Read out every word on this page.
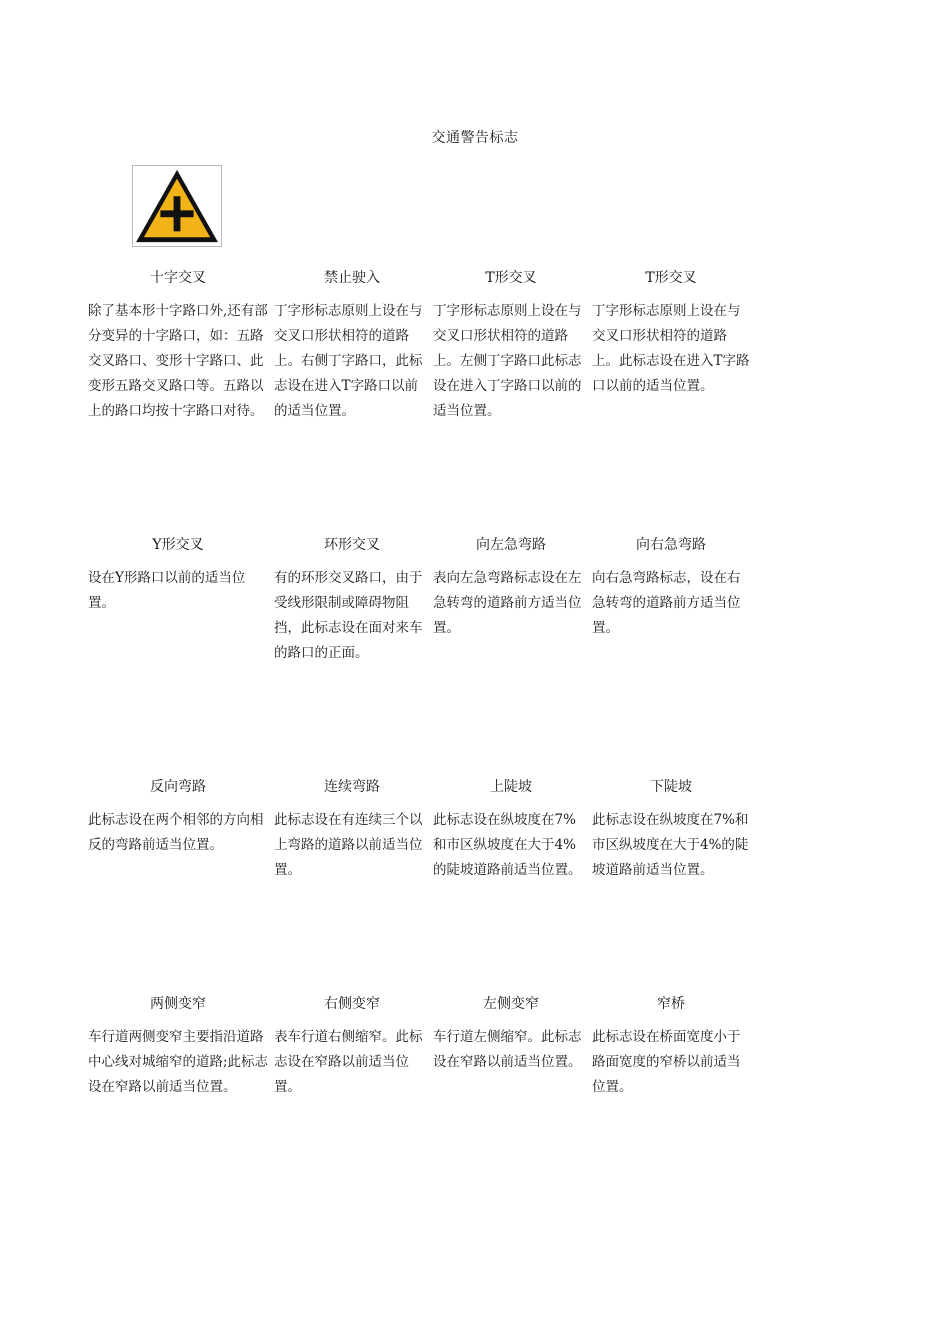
交通警告标志
十字交叉
除了基本形十字路口外,还有部分变异的十字路口，如：五路交叉路口、变形十字路口、此变形五路交叉路口等。五路以上的路口均按十字路口对待。
禁止驶入
丁字形标志原则上设在与交叉口形状相符的道路上。右侧丁字路口，此标志设在进入T字路口以前的适当位置。
T形交叉
丁字形标志原则上设在与交叉口形状相符的道路上。左侧丁字路口此标志设在进入丁字路口以前的适当位置。
T形交叉
丁字形标志原则上设在与交叉口形状相符的道路上。此标志设在进入T字路口以前的适当位置。
Y形交叉
设在Y形路口以前的适当位置。
环形交叉
有的环形交叉路口，由于受线形限制或障碍物阻挡，此标志设在面对来车的路口的正面。
向左急弯路
表向左急弯路标志设在左急转弯的道路前方适当位置。
向右急弯路
向右急弯路标志，设在右急转弯的道路前方适当位置。
反向弯路
此标志设在两个相邻的方向相反的弯路前适当位置。
连续弯路
此标志设在有连续三个以上弯路的道路以前适当位置。
上陡坡
此标志设在纵坡度在7%和市区纵坡度在大于4%的陡坡道路前适当位置。
下陡坡
此标志设在纵坡度在7%和市区纵坡度在大于4%的陡坡道路前适当位置。
两侧变窄
车行道两侧变窄主要指沿道路中心线对城缩窄的道路;此标志设在窄路以前适当位置。
右侧变窄
表车行道右侧缩窄。此标志设在窄路以前适当位置。
左侧变窄
车行道左侧缩窄。此标志设在窄路以前适当位置。
窄桥
此标志设在桥面宽度小于路面宽度的窄桥以前适当位置。
